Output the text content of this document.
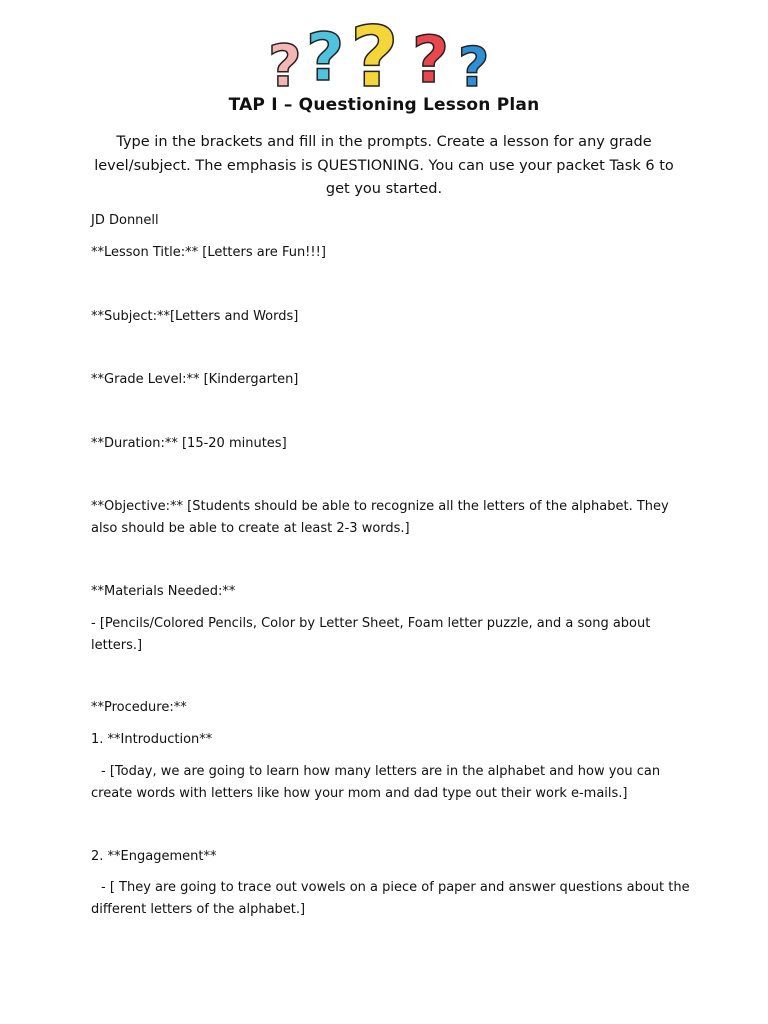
? ? ? ? ?
TAP I – Questioning Lesson Plan
Type in the brackets and fill in the prompts. Create a lesson for any grade level/subject. The emphasis is QUESTIONING. You can use your packet Task 6 to get you started.
JD Donnell
**Lesson Title:** [Letters are Fun!!!]
**Subject:**[Letters and Words]
**Grade Level:** [Kindergarten]
**Duration:** [15-20 minutes]
**Objective:** [Students should be able to recognize all the letters of the alphabet. They also should be able to create at least 2-3 words.]
**Materials Needed:**
- [Pencils/Colored Pencils, Color by Letter Sheet, Foam letter puzzle, and a song about letters.]
**Procedure:**
1. **Introduction**
- [Today, we are going to learn how many letters are in the alphabet and how you can create words with letters like how your mom and dad type out their work e-mails.]
2. **Engagement**
- [ They are going to trace out vowels on a piece of paper and answer questions about the different letters of the alphabet.]
